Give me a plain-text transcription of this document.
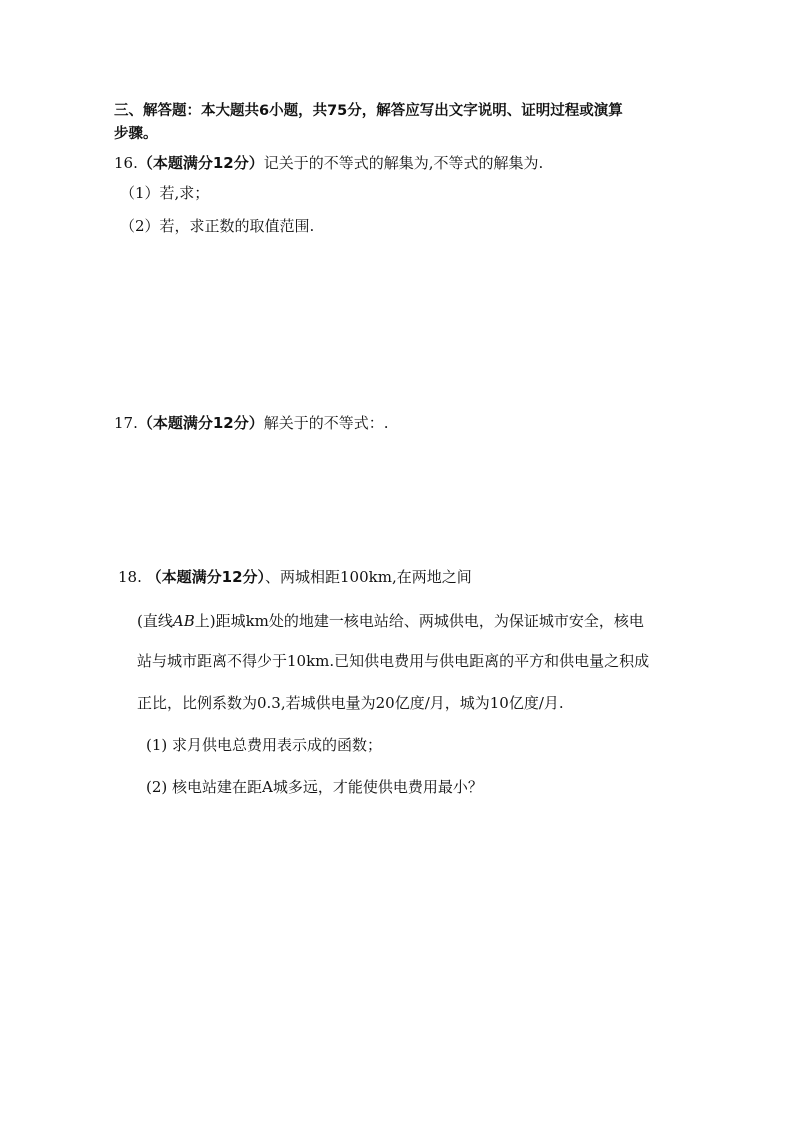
三、解答题：本大题共6小题，共75分，解答应写出文字说明、证明过程或演算
步骤。
16.（本题满分12分）记关于的不等式的解集为,不等式的解集为.
（1）若,求；
（2）若，求正数的取值范围.
17.（本题满分12分）解关于的不等式：.
18. （本题满分12分）、两城相距100km,在两地之间
(直线AB上)距城km处的地建一核电站给、两城供电，为保证城市安全，核电
站与城市距离不得少于10km.已知供电费用与供电距离的平方和供电量之积成
正比，比例系数为0.3,若城供电量为20亿度/月，城为10亿度/月.
(1) 求月供电总费用表示成的函数；
(2) 核电站建在距A城多远，才能使供电费用最小？
